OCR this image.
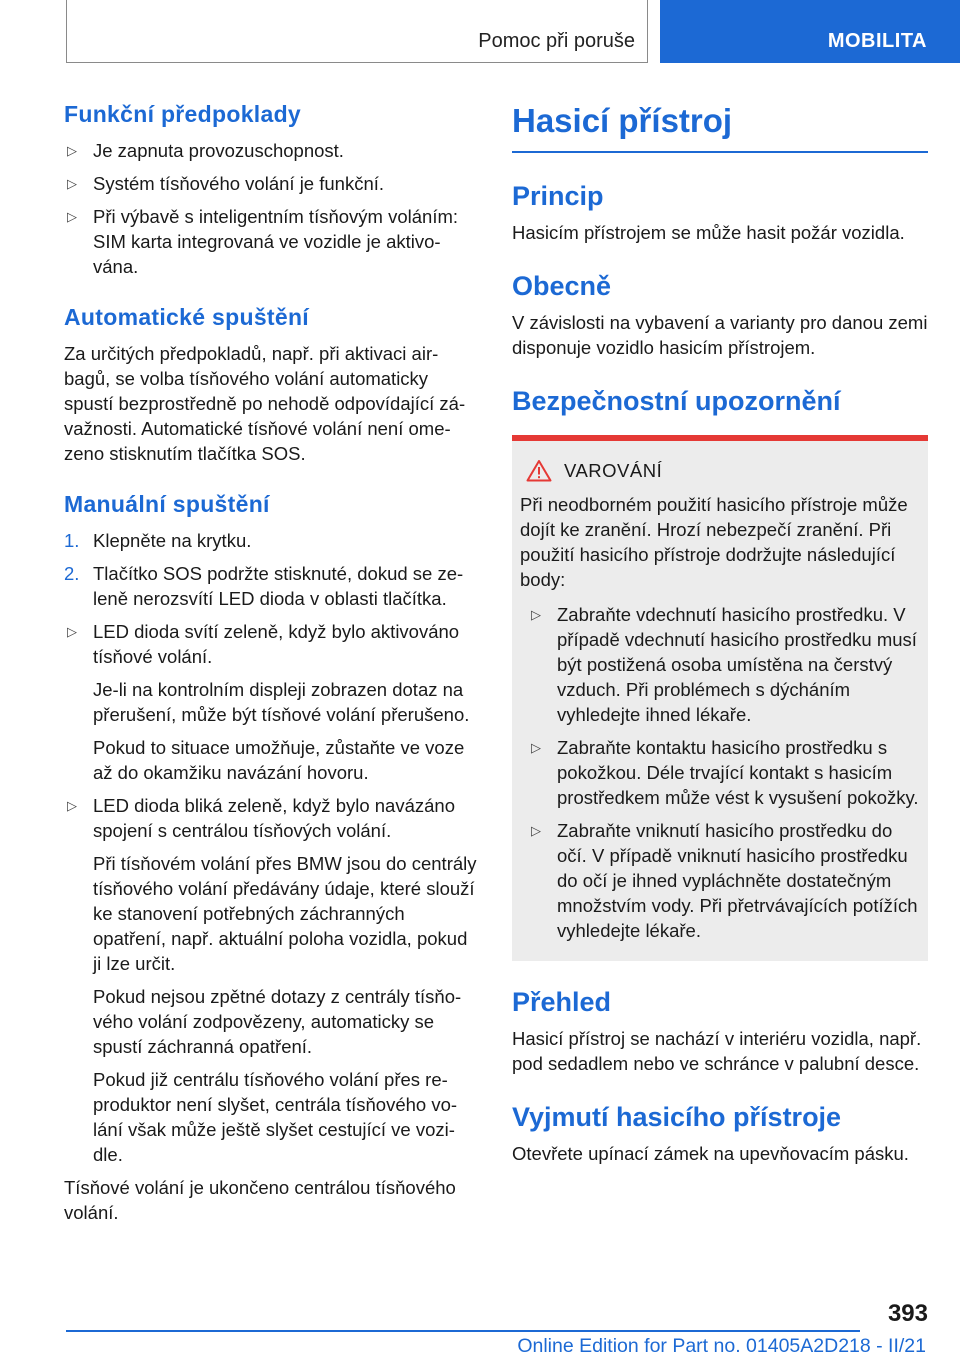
Pomoc při poruše	MOBILITA
Funkční předpoklady
▷ Je zapnuta provozuschopnost.
▷ Systém tísňového volání je funkční.
▷ Při výbavě s inteligentním tísňovým voláním: SIM karta integrovaná ve vozidle je aktivována.
Automatické spuštění

Za určitých předpokladů, např. při aktivaci airbagů, se volba tísňového volání automaticky spustí bezprostředně po nehodě odpovídající závažnosti. Automatické tísňové volání není omezeno stisknutím tlačítka SOS.

Manuální spuštění
1. Klepněte na krytku.
2. Tlačítko SOS podržte stisknuté, dokud se zeleně nerozsvítí LED dioda v oblasti tlačítka.
▷ LED dioda svítí zeleně, když bylo aktivováno tísňové volání.
Je-li na kontrolním displeji zobrazen dotaz na přerušení, může být tísňové volání přerušeno.
Pokud to situace umožňuje, zůstaňte ve voze až do okamžiku navázání hovoru.
▷ LED dioda bliká zeleně, když bylo navázáno spojení s centrálou tísňových volání.
Při tísňovém volání přes BMW jsou do centrály tísňového volání předávány údaje, které slouží ke stanovení potřebných záchranných opatření, např. aktuální poloha vozidla, pokud ji lze určit.
Pokud nejsou zpětné dotazy z centrály tísňového volání zodpovězeny, automaticky se spustí záchranná opatření.
Pokud již centrálu tísňového volání přes reproduktor není slyšet, centrála tísňového volání však může ještě slyšet cestující ve vozidle.

Tísňové volání je ukončeno centrálou tísňového volání.

Hasicí přístroj
Princip

Hasicím přístrojem se může hasit požár vozidla.

Obecně

V závislosti na vybavení a varianty pro danou zemi disponuje vozidlo hasicím přístrojem.

Bezpečnostní upozornění
VAROVÁNÍ

Při neodborném použití hasicího přístroje může dojít ke zranění. Hrozí nebezpečí zranění. Při použití hasicího přístroje dodržujte následující body:

▷ Zabraňte vdechnutí hasicího prostředku. V případě vdechnutí hasicího prostředku musí být postižená osoba umístěna na čerstvý vzduch. Při problémech s dýcháním vyhledejte ihned lékaře.
▷ Zabraňte kontaktu hasicího prostředku s pokožkou. Déle trvající kontakt s hasicím prostředkem může vést k vysušení pokožky.
▷ Zabraňte vniknutí hasicího prostředku do očí. V případě vniknutí hasicího prostředku do očí je ihned vypláchněte dostatečným množstvím vody. Při přetrvávajících potížích vyhledejte lékaře.
Přehled

Hasicí přístroj se nachází v interiéru vozidla, např. pod sedadlem nebo ve schránce v palubní desce.

Vyjmutí hasicího přístroje

Otevřete upínací zámek na upevňovacím pásku.

393
Online Edition for Part no. 01405A2D218 - II/21
